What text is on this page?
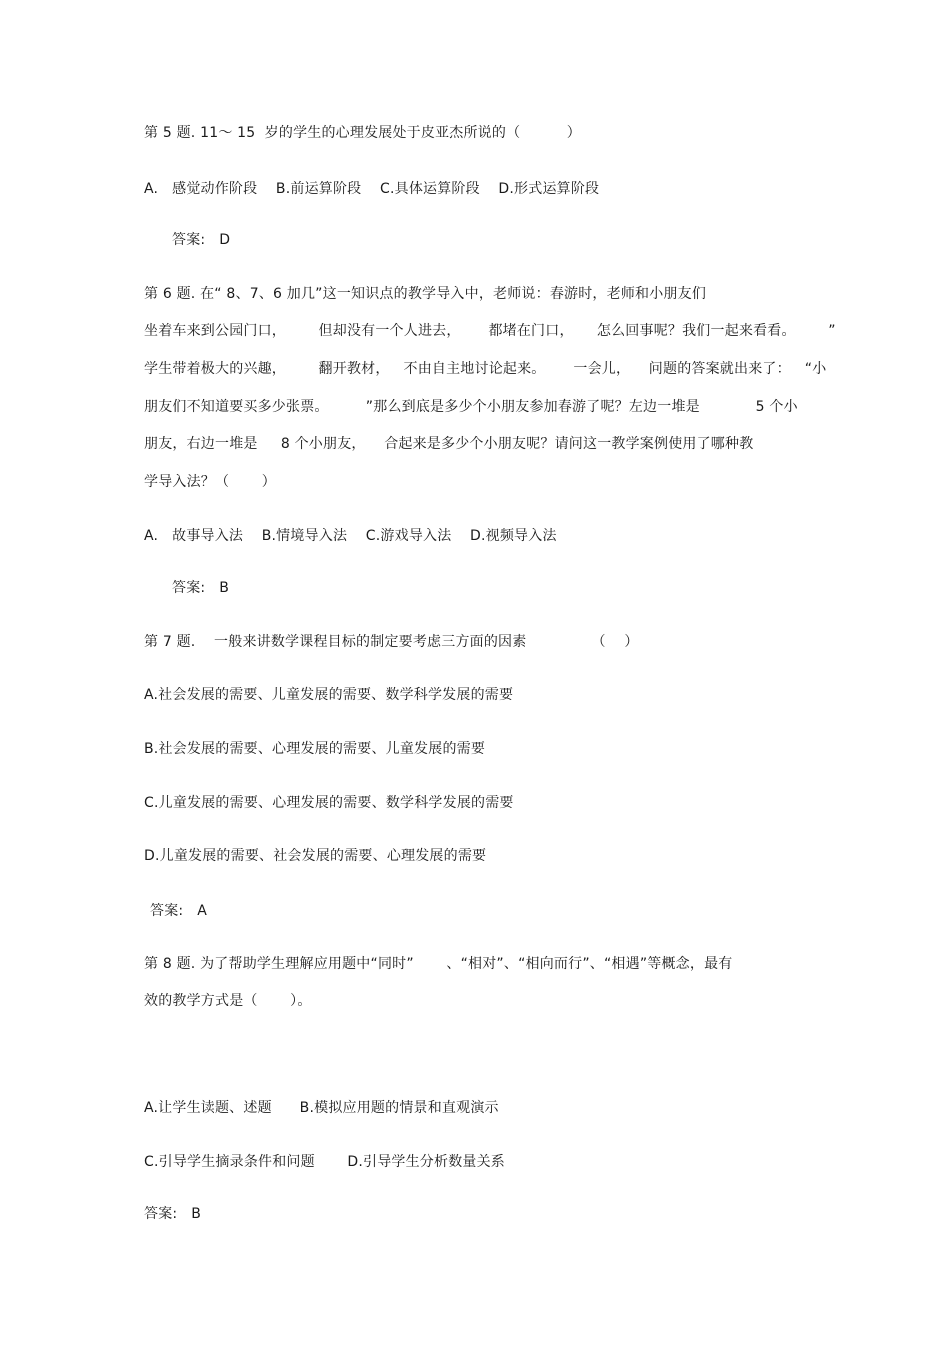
第 5 题. 11～ 15  岁的学生的心理发展处于皮亚杰所说的（          ）
A.   感觉动作阶段    B.前运算阶段    C.具体运算阶段    D.形式运算阶段
答案:   D
第 6 题. 在“ 8、7、6 加几”这一知识点的教学导入中，老师说：春游时，老师和小朋友们
坐着车来到公园门口，       但却没有一个人进去，      都堵在门口，     怎么回事呢？我们一起来看看。       ”
学生带着极大的兴趣，       翻开教材，   不由自主地讨论起来。      一会儿，    问题的答案就出来了：   “小
朋友们不知道要买多少张票。        ”那么到底是多少个小朋友参加春游了呢？左边一堆是            5 个小
朋友，右边一堆是     8 个小朋友，    合起来是多少个小朋友呢？请问这一教学案例使用了哪种教
学导入法？（       ）
A.   故事导入法    B.情境导入法    C.游戏导入法    D.视频导入法
答案:   B
第 7 题.    一般来讲数学课程目标的制定要考虑三方面的因素              （    ）
A.社会发展的需要、儿童发展的需要、数学科学发展的需要
B.社会发展的需要、心理发展的需要、儿童发展的需要
C.儿童发展的需要、心理发展的需要、数学科学发展的需要
D.儿童发展的需要、社会发展的需要、心理发展的需要
答案:   A
第 8 题. 为了帮助学生理解应用题中“同时”       、“相对”、“相向而行”、“相遇”等概念，最有
效的教学方式是（       ）。
A.让学生读题、述题      B.模拟应用题的情景和直观演示
C.引导学生摘录条件和问题       D.引导学生分析数量关系
答案:   B
